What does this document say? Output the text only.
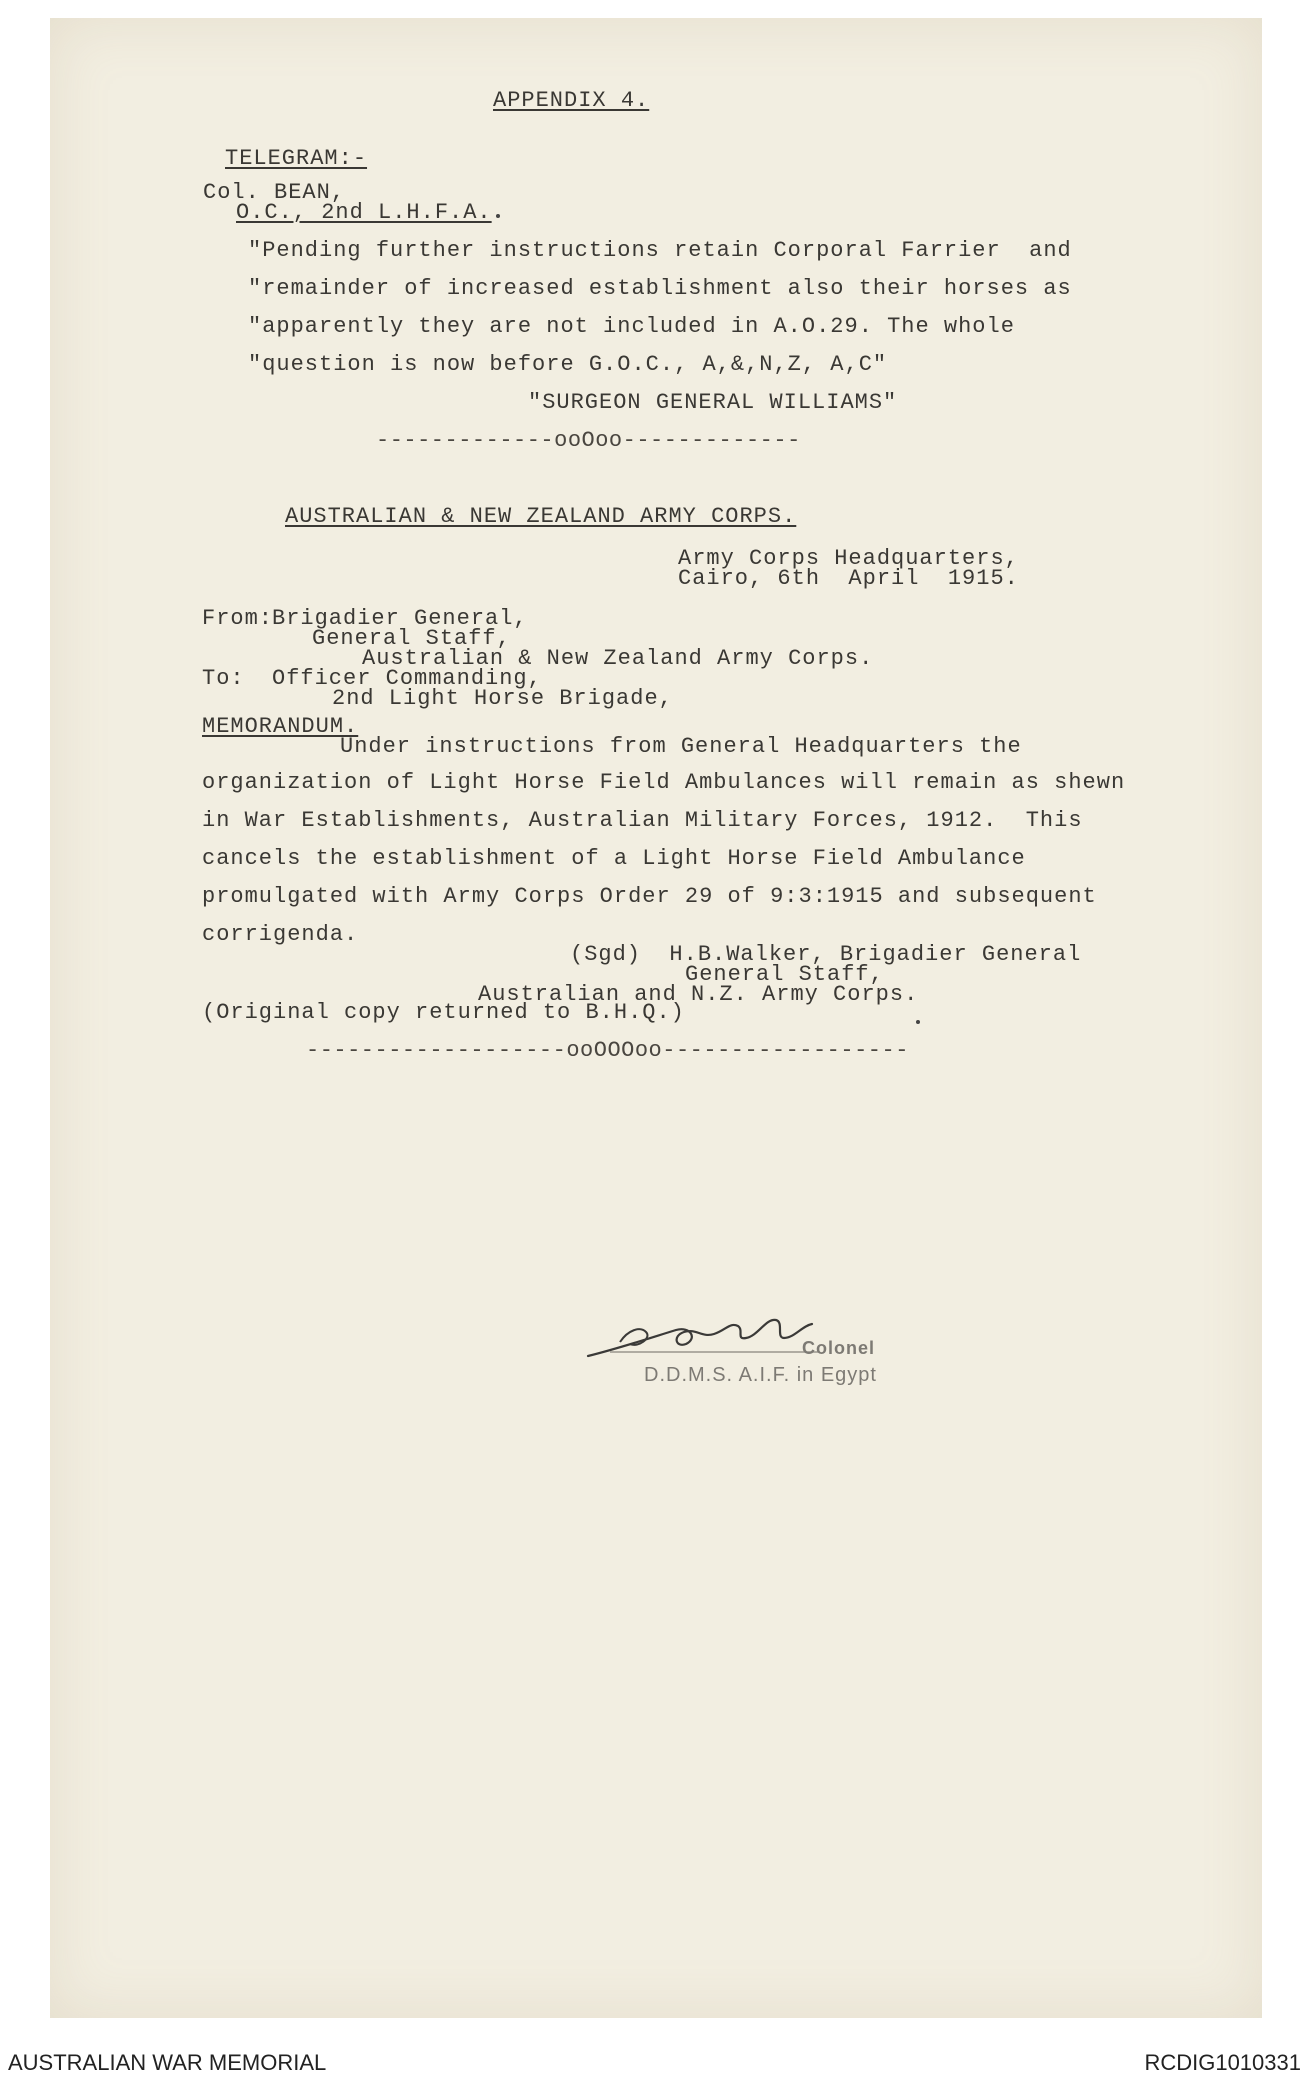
APPENDIX 4.
TELEGRAM:-
Col. BEAN,
O.C., 2nd L.H.F.A.
"Pending further instructions retain Corporal Farrier  and
"remainder of increased establishment also their horses as
"apparently they are not included in A.O.29. The whole
"question is now before G.O.C., A,&,N,Z, A,C"
"SURGEON GENERAL WILLIAMS"
-------------ooOoo-------------
AUSTRALIAN & NEW ZEALAND ARMY CORPS.
Army Corps Headquarters,
Cairo, 6th  April  1915.
From:
Brigadier General,
General Staff,
Australian & New Zealand Army Corps.
To: Officer Commanding,
2nd Light Horse Brigade,
MEMORANDUM.
Under instructions from General Headquarters the
organization of Light Horse Field Ambulances will remain as shewn
in War Establishments, Australian Military Forces, 1912.  This
cancels the establishment of a Light Horse Field Ambulance
promulgated with Army Corps Order 29 of 9:3:1915 and subsequent
corrigenda.
(Sgd)  H.B.Walker, Brigadier General
General Staff,
Australian and N.Z. Army Corps.
(Original copy returned to B.H.Q.)
-------------------ooOOOoo------------------
Colonel
D.D.M.S. A.I.F. in Egypt
AUSTRALIAN WAR MEMORIAL	RCDIG1010331
